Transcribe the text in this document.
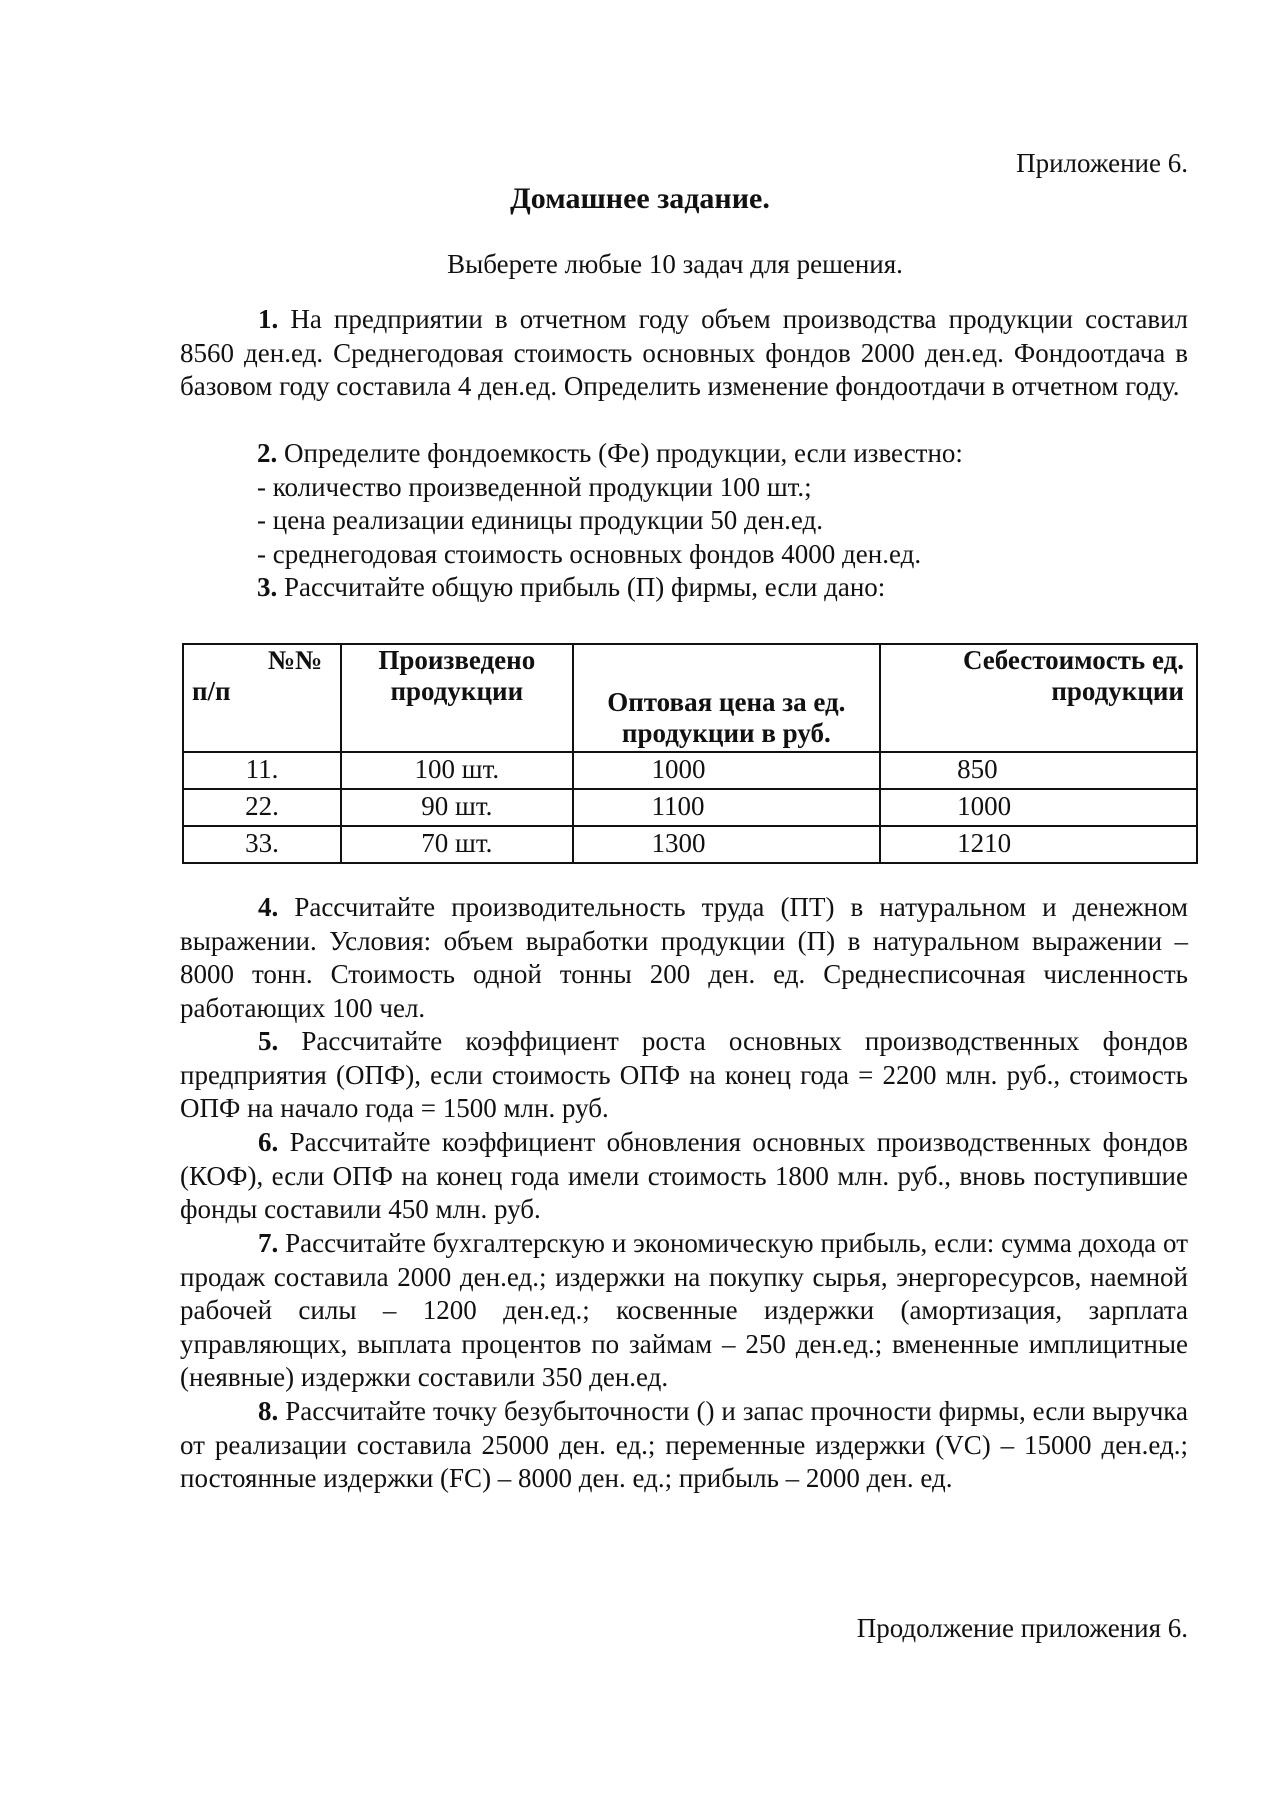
Приложение 6.
Домашнее задание.
Выберете любые 10 задач для решения.
1. На предприятии в отчетном году объем производства продукции составил 8560 ден.ед. Среднегодовая стоимость основных фондов 2000 ден.ед. Фондоотдача в базовом году составила 4 ден.ед. Определить изменение фондоотдачи в отчетном году.
2. Определите фондоемкость (Фе) продукции, если известно:
- количество произведенной продукции 100 шт.;
- цена реализации единицы продукции 50 ден.ед.
- среднегодовая стоимость основных фондов 4000 ден.ед.
3. Рассчитайте общую прибыль (П) фирмы, если дано:
№№
п/п	Произведено продукции	Оптовая цена за ед. продукции в руб.	Себестоимость ед. продукции
11.	100 шт.	1000	850
22.	90 шт.	1100	1000
33.	70 шт.	1300	1210
4. Рассчитайте производительность труда (ПТ) в натуральном и денежном выражении. Условия: объем выработки продукции (П) в натуральном выражении – 8000 тонн. Стоимость одной тонны 200 ден. ед. Среднесписочная численность работающих 100 чел.
5. Рассчитайте коэффициент роста основных производственных фондов предприятия (ОПФ), если стоимость ОПФ на конец года = 2200 млн. руб., стоимость ОПФ на начало года = 1500 млн. руб.
6. Рассчитайте коэффициент обновления основных производственных фондов (КОФ), если ОПФ на конец года имели стоимость 1800 млн. руб., вновь поступившие фонды составили 450 млн. руб.
7. Рассчитайте бухгалтерскую и экономическую прибыль, если: сумма дохода от продаж составила 2000 ден.ед.; издержки на покупку сырья, энергоресурсов, наемной рабочей силы – 1200 ден.ед.; косвенные издержки (амортизация, зарплата управляющих, выплата процентов по займам – 250 ден.ед.; вмененные имплицитные (неявные) издержки составили 350 ден.ед.
8. Рассчитайте точку безубыточности () и запас прочности фирмы, если выручка от реализации составила 25000 ден. ед.; переменные издержки (VC) – 15000 ден.ед.; постоянные издержки (FC) – 8000 ден. ед.; прибыль – 2000 ден. ед.
Продолжение приложения 6.
